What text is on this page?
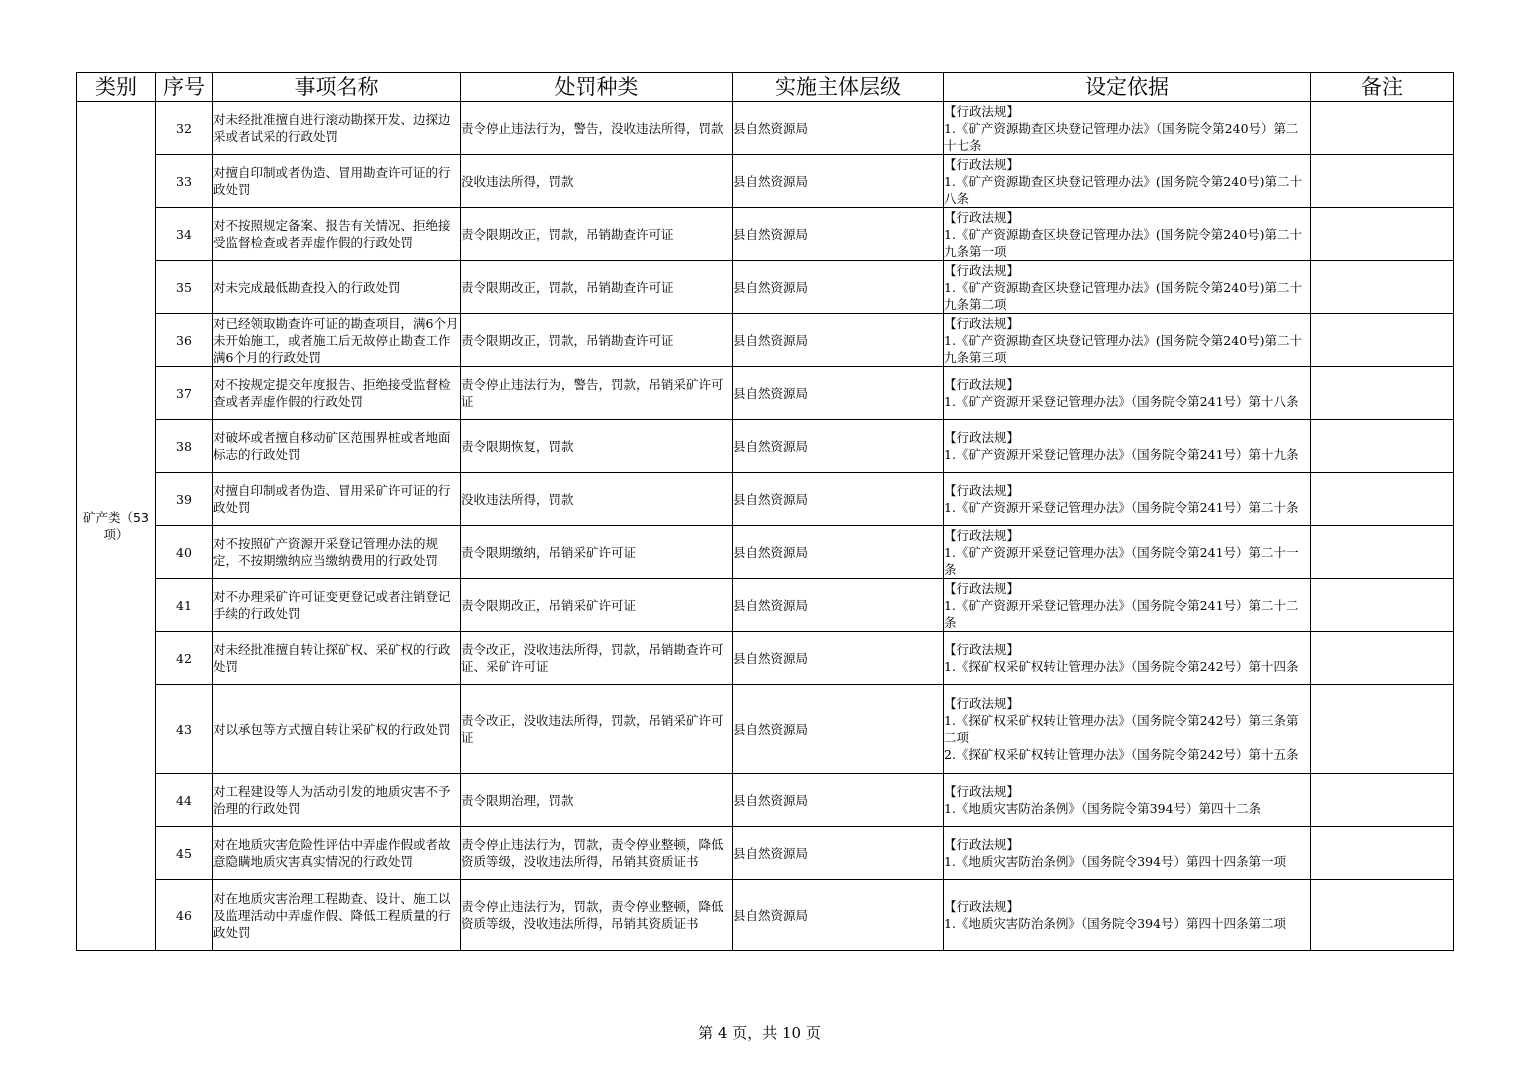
类别	序号	事项名称	处罚种类	实施主体层级	设定依据	备注
矿产类（53项）	32	对未经批准擅自进行滚动勘探开发、边探边采或者试采的行政处罚	责令停止违法行为，警告，没收违法所得，罚款	县自然资源局	【行政法规】
1.《矿产资源勘查区块登记管理办法》（国务院令第240号）第二十七条	
	33	对擅自印制或者伪造、冒用勘查许可证的行政处罚	没收违法所得，罚款	县自然资源局	【行政法规】
1.《矿产资源勘查区块登记管理办法》(国务院令第240号)第二十八条	
	34	对不按照规定备案、报告有关情况、拒绝接受监督检查或者弄虚作假的行政处罚	责令限期改正，罚款，吊销勘查许可证	县自然资源局	【行政法规】
1.《矿产资源勘查区块登记管理办法》(国务院令第240号)第二十九条第一项	
	35	对未完成最低勘查投入的行政处罚	责令限期改正，罚款，吊销勘查许可证	县自然资源局	【行政法规】
1.《矿产资源勘查区块登记管理办法》(国务院令第240号)第二十九条第二项	
	36	对已经领取勘查许可证的勘查项目，满6个月未开始施工，或者施工后无故停止勘查工作满6个月的行政处罚	责令限期改正，罚款，吊销勘查许可证	县自然资源局	【行政法规】
1.《矿产资源勘查区块登记管理办法》(国务院令第240号)第二十九条第三项	
	37	对不按规定提交年度报告、拒绝接受监督检查或者弄虚作假的行政处罚	责令停止违法行为，警告，罚款，吊销采矿许可证	县自然资源局	【行政法规】
1.《矿产资源开采登记管理办法》（国务院令第241号）第十八条	
	38	对破坏或者擅自移动矿区范围界桩或者地面标志的行政处罚	责令限期恢复，罚款	县自然资源局	【行政法规】
1.《矿产资源开采登记管理办法》（国务院令第241号）第十九条	
	39	对擅自印制或者伪造、冒用采矿许可证的行政处罚	没收违法所得，罚款	县自然资源局	【行政法规】
1.《矿产资源开采登记管理办法》（国务院令第241号）第二十条	
	40	对不按照矿产资源开采登记管理办法的规定，不按期缴纳应当缴纳费用的行政处罚	责令限期缴纳，吊销采矿许可证	县自然资源局	【行政法规】
1.《矿产资源开采登记管理办法》（国务院令第241号）第二十一条	
	41	对不办理采矿许可证变更登记或者注销登记手续的行政处罚	责令限期改正，吊销采矿许可证	县自然资源局	【行政法规】
1.《矿产资源开采登记管理办法》（国务院令第241号）第二十二条	
	42	对未经批准擅自转让探矿权、采矿权的行政处罚	责令改正，没收违法所得，罚款，吊销勘查许可证、采矿许可证	县自然资源局	【行政法规】
1.《探矿权采矿权转让管理办法》（国务院令第242号）第十四条	
	43	对以承包等方式擅自转让采矿权的行政处罚	责令改正，没收违法所得，罚款，吊销采矿许可证	县自然资源局	【行政法规】
1.《探矿权采矿权转让管理办法》（国务院令第242号）第三条第二项
2.《探矿权采矿权转让管理办法》（国务院令第242号）第十五条	
	44	对工程建设等人为活动引发的地质灾害不予治理的行政处罚	责令限期治理，罚款	县自然资源局	【行政法规】
1.《地质灾害防治条例》（国务院令第394号）第四十二条	
	45	对在地质灾害危险性评估中弄虚作假或者故意隐瞒地质灾害真实情况的行政处罚	责令停止违法行为，罚款，责令停业整顿，降低资质等级，没收违法所得，吊销其资质证书	县自然资源局	【行政法规】
1.《地质灾害防治条例》（国务院令394号）第四十四条第一项	
	46	对在地质灾害治理工程勘查、设计、施工以及监理活动中弄虚作假、降低工程质量的行政处罚	责令停止违法行为，罚款，责令停业整顿，降低资质等级，没收违法所得，吊销其资质证书	县自然资源局	【行政法规】
1.《地质灾害防治条例》（国务院令394号）第四十四条第二项	
第 4 页，共 10 页
